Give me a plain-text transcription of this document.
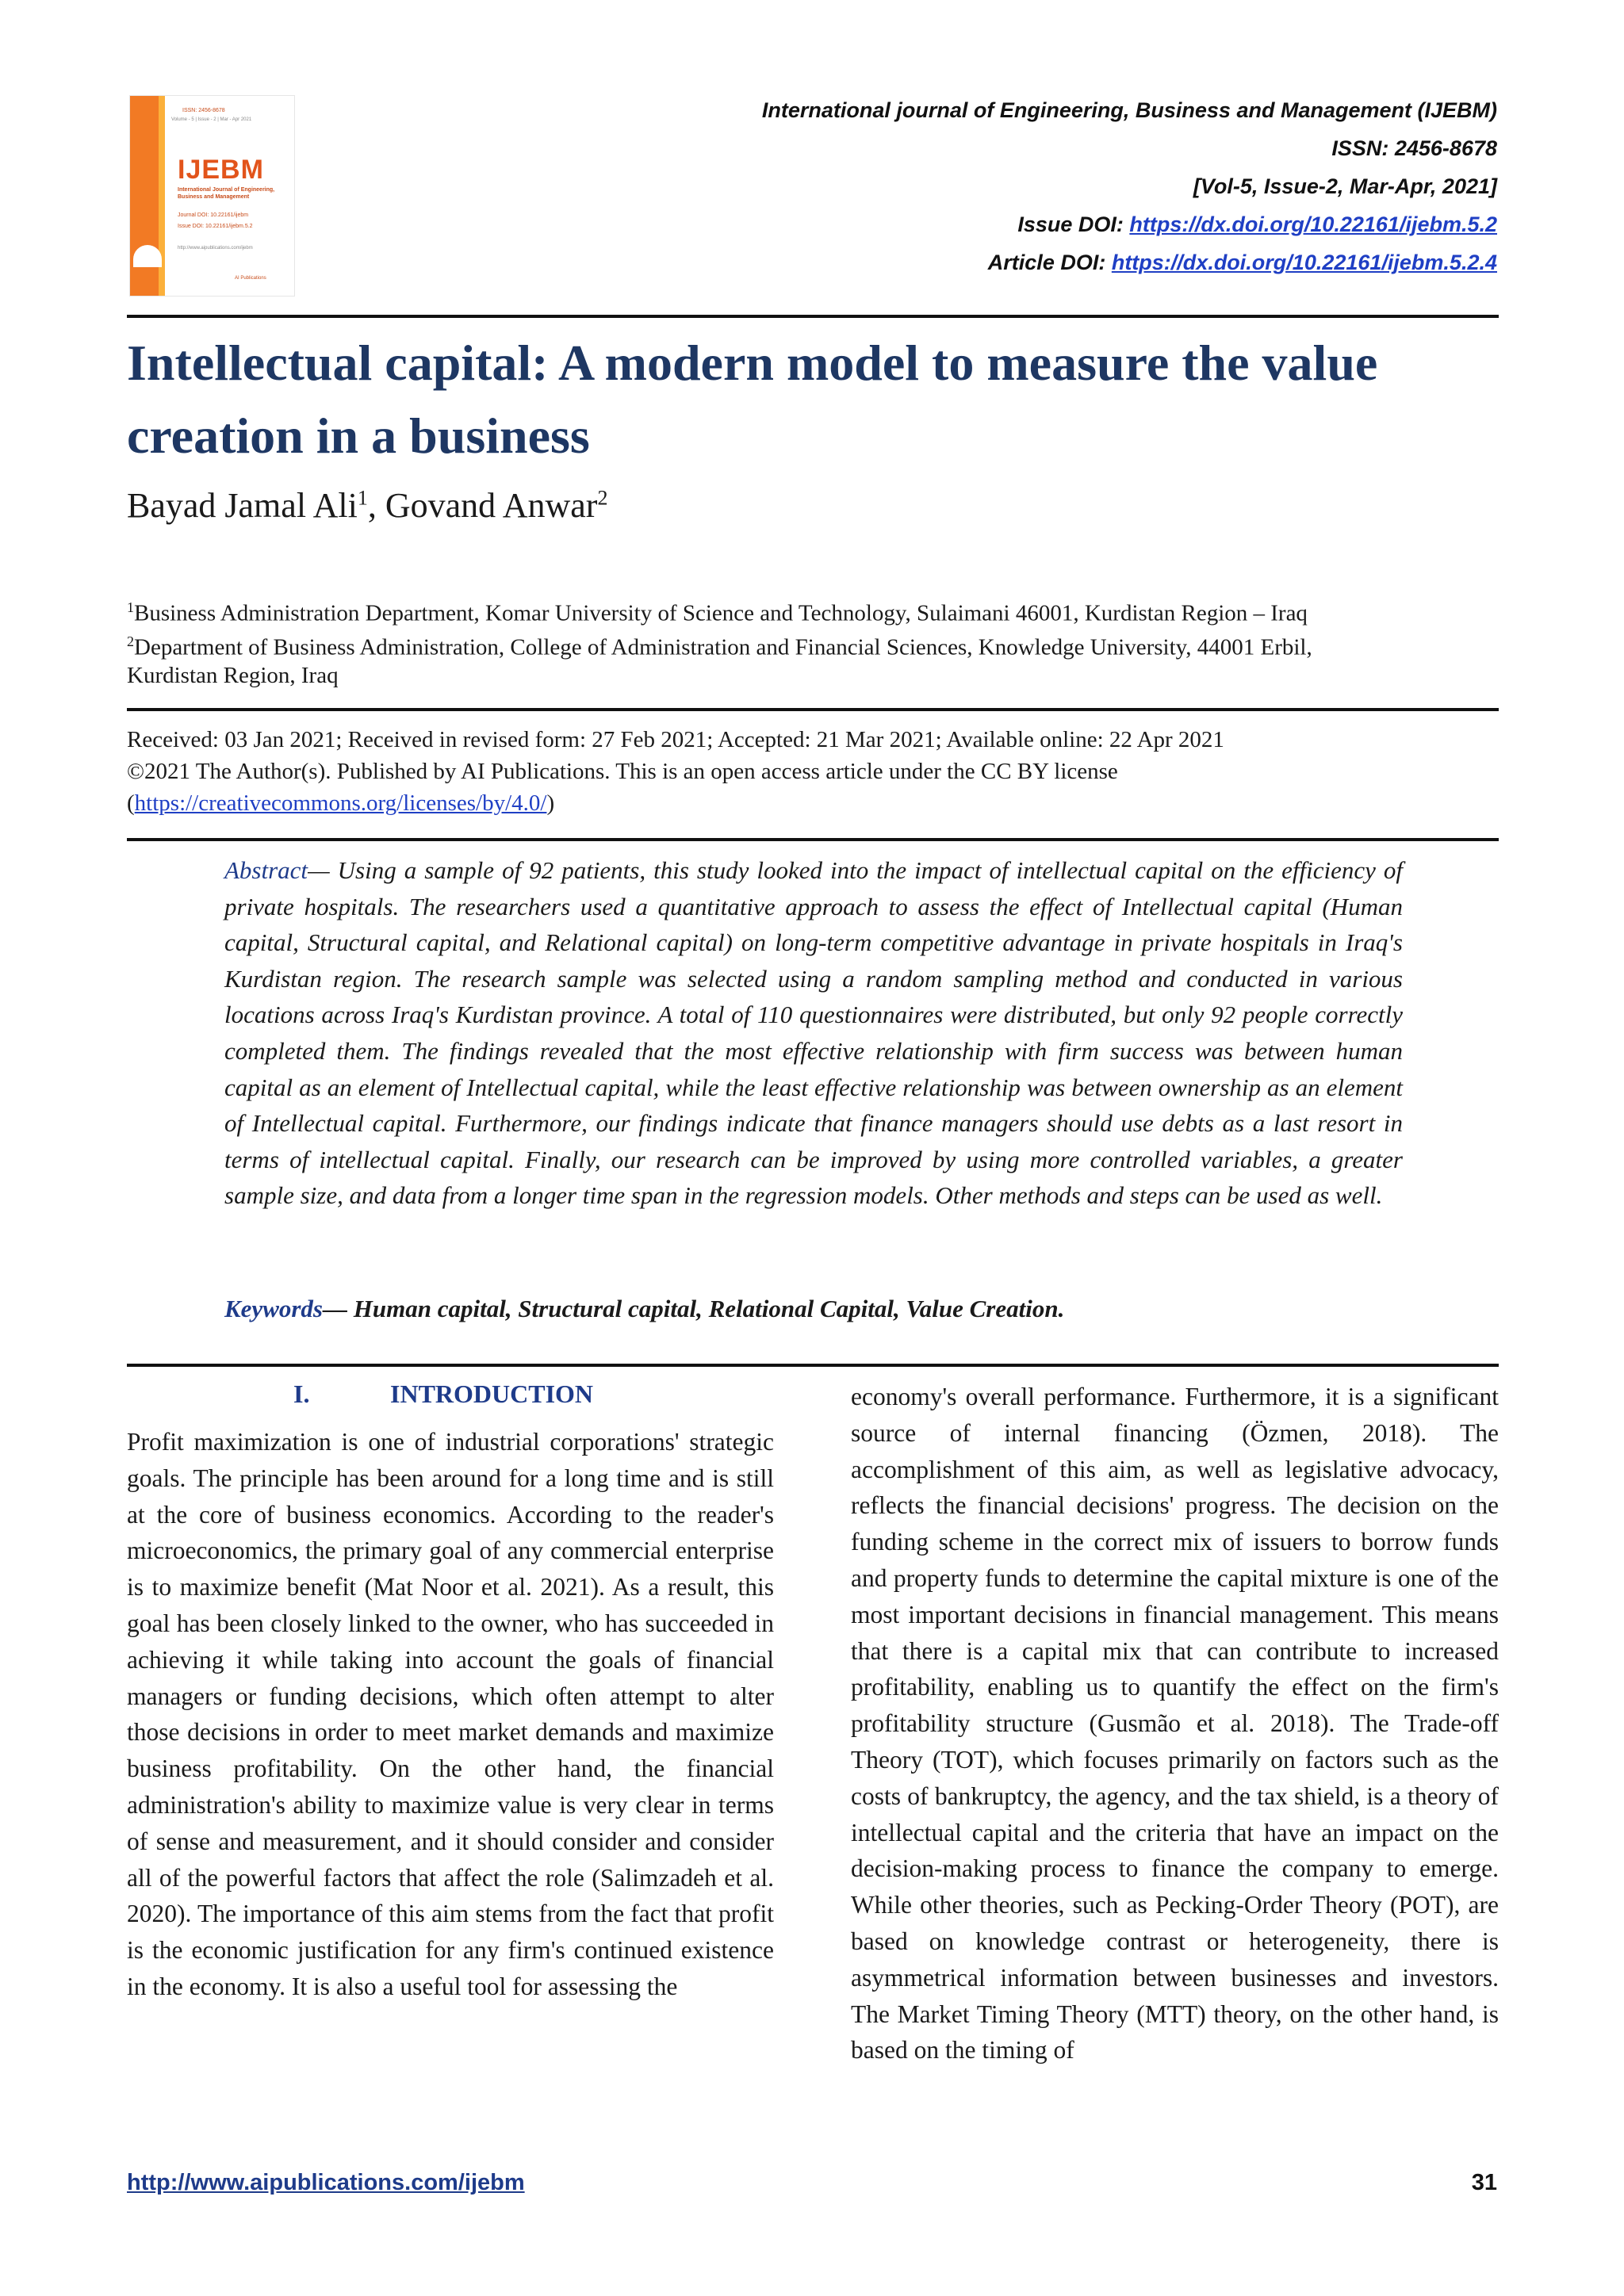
ISSN: 2456-8678
Volume - 5 | Issue - 2 | Mar - Apr 2021
IJEBM
International Journal of Engineering, Business and Management
Journal DOI: 10.22161/ijebm
Issue DOI: 10.22161/ijebm.5.2
http://www.aipublications.com/ijebm
AI Publications
International journal of Engineering, Business and Management (IJEBM)
ISSN: 2456-8678
[Vol-5, Issue-2, Mar-Apr, 2021]
Issue DOI: https://dx.doi.org/10.22161/ijebm.5.2
Article DOI: https://dx.doi.org/10.22161/ijebm.5.2.4
Intellectual capital: A modern model to measure the value
creation in a business
Bayad Jamal Ali$^1$, Govand Anwar$^2$
$^1$Business Administration Department, Komar University of Science and Technology, Sulaimani 46001, Kurdistan Region – Iraq
$^2$Department of Business Administration, College of Administration and Financial Sciences, Knowledge University, 44001 Erbil,
Kurdistan Region, Iraq
Received: 03 Jan 2021; Received in revised form: 27 Feb 2021; Accepted: 21 Mar 2021; Available online: 22 Apr 2021
©2021 The Author(s). Published by AI Publications. This is an open access article under the CC BY license
(https://creativecommons.org/licenses/by/4.0/)
Abstract— Using a sample of 92 patients, this study looked into the impact of intellectual capital on the efficiency of private hospitals. The researchers used a quantitative approach to assess the effect of Intellectual capital (Human capital, Structural capital, and Relational capital) on long-term competitive advantage in private hospitals in Iraq's Kurdistan region. The research sample was selected using a random sampling method and conducted in various locations across Iraq's Kurdistan province. A total of 110 questionnaires were distributed, but only 92 people correctly completed them. The findings revealed that the most effective relationship with firm success was between human capital as an element of Intellectual capital, while the least effective relationship was between ownership as an element of Intellectual capital. Furthermore, our findings indicate that finance managers should use debts as a last resort in terms of intellectual capital. Finally, our research can be improved by using more controlled variables, a greater sample size, and data from a longer time span in the regression models. Other methods and steps can be used as well.
Keywords— Human capital, Structural capital, Relational Capital, Value Creation.
I.	INTRODUCTION
Profit maximization is one of industrial corporations' strategic goals. The principle has been around for a long time and is still at the core of business economics. According to the reader's microeconomics, the primary goal of any commercial enterprise is to maximize benefit (Mat Noor et al. 2021). As a result, this goal has been closely linked to the owner, who has succeeded in achieving it while taking into account the goals of financial managers or funding decisions, which often attempt to alter those decisions in order to meet market demands and maximize business profitability. On the other hand, the financial administration's ability to maximize value is very clear in terms of sense and measurement, and it should consider and consider all of the powerful factors that affect the role (Salimzadeh et al. 2020). The importance of this aim stems from the fact that profit is the economic justification for any firm's continued existence in the economy. It is also a useful tool for assessing the
economy's overall performance. Furthermore, it is a significant source of internal financing (Özmen, 2018). The accomplishment of this aim, as well as legislative advocacy, reflects the financial decisions' progress. The decision on the funding scheme in the correct mix of issuers to borrow funds and property funds to determine the capital mixture is one of the most important decisions in financial management. This means that there is a capital mix that can contribute to increased profitability, enabling us to quantify the effect on the firm's profitability structure (Gusmão et al. 2018). The Trade-off Theory (TOT), which focuses primarily on factors such as the costs of bankruptcy, the agency, and the tax shield, is a theory of intellectual capital and the criteria that have an impact on the decision-making process to finance the company to emerge. While other theories, such as Pecking-Order Theory (POT), are based on knowledge contrast or heterogeneity, there is asymmetrical information between businesses and investors. The Market Timing Theory (MTT) theory, on the other hand, is based on the timing of
http://www.aipublications.com/ijebm	31
